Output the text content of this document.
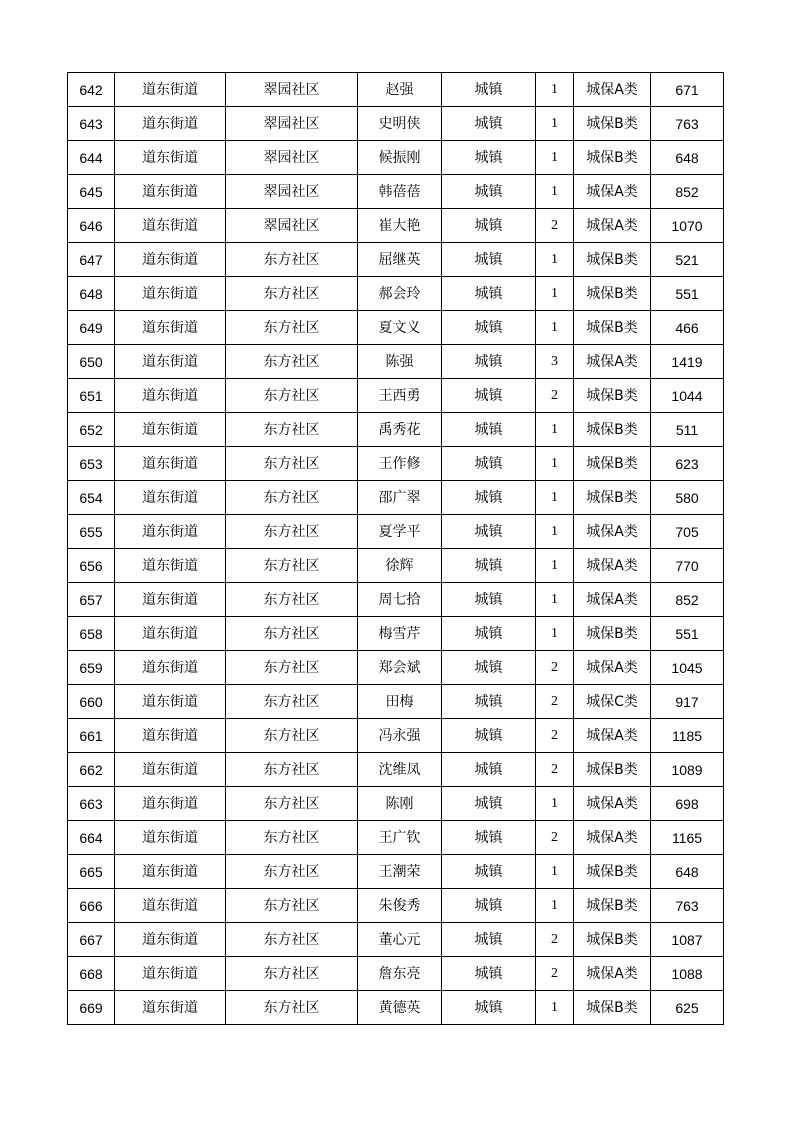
642	道东街道	翠园社区	赵强	城镇	1	城保A类	671
643	道东街道	翠园社区	史明侠	城镇	1	城保B类	763
644	道东街道	翠园社区	候振刚	城镇	1	城保B类	648
645	道东街道	翠园社区	韩蓓蓓	城镇	1	城保A类	852
646	道东街道	翠园社区	崔大艳	城镇	2	城保A类	1070
647	道东街道	东方社区	屈继英	城镇	1	城保B类	521
648	道东街道	东方社区	郝会玲	城镇	1	城保B类	551
649	道东街道	东方社区	夏文义	城镇	1	城保B类	466
650	道东街道	东方社区	陈强	城镇	3	城保A类	1419
651	道东街道	东方社区	王西勇	城镇	2	城保B类	1044
652	道东街道	东方社区	禹秀花	城镇	1	城保B类	511
653	道东街道	东方社区	王作修	城镇	1	城保B类	623
654	道东街道	东方社区	邵广翠	城镇	1	城保B类	580
655	道东街道	东方社区	夏学平	城镇	1	城保A类	705
656	道东街道	东方社区	徐辉	城镇	1	城保A类	770
657	道东街道	东方社区	周七拾	城镇	1	城保A类	852
658	道东街道	东方社区	梅雪芹	城镇	1	城保B类	551
659	道东街道	东方社区	郑会斌	城镇	2	城保A类	1045
660	道东街道	东方社区	田梅	城镇	2	城保C类	917
661	道东街道	东方社区	冯永强	城镇	2	城保A类	1185
662	道东街道	东方社区	沈维凤	城镇	2	城保B类	1089
663	道东街道	东方社区	陈刚	城镇	1	城保A类	698
664	道东街道	东方社区	王广钦	城镇	2	城保A类	1165
665	道东街道	东方社区	王潮荣	城镇	1	城保B类	648
666	道东街道	东方社区	朱俊秀	城镇	1	城保B类	763
667	道东街道	东方社区	董心元	城镇	2	城保B类	1087
668	道东街道	东方社区	詹东亮	城镇	2	城保A类	1088
669	道东街道	东方社区	黄德英	城镇	1	城保B类	625
